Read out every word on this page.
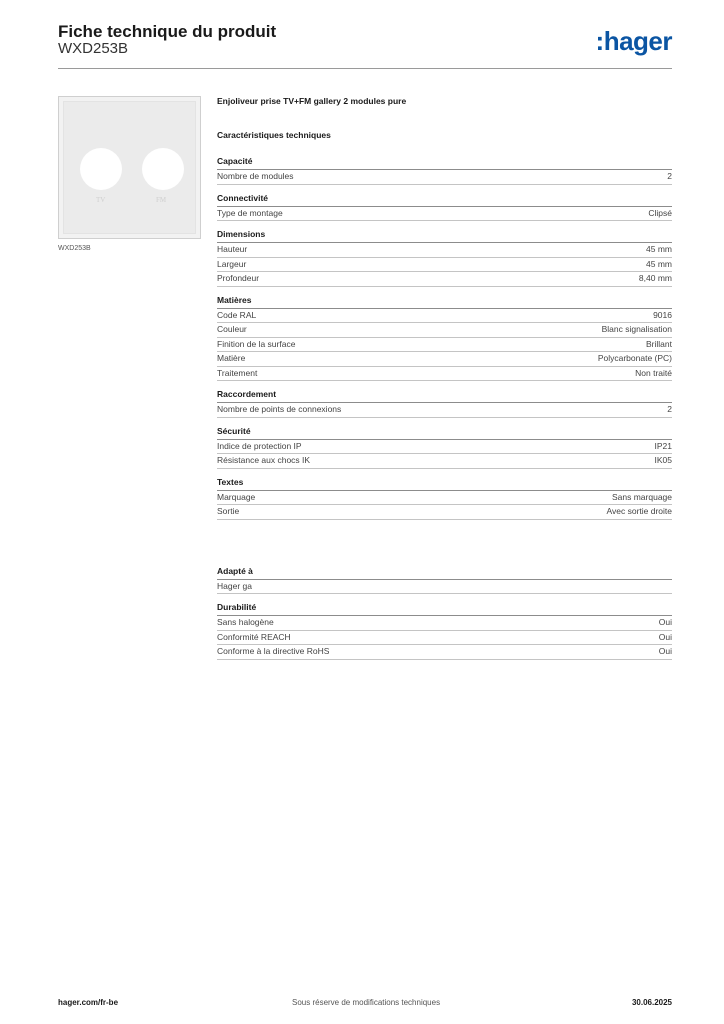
Fiche technique du produit
WXD253B	:hager
TV	FM
WXD253B
Enjoliveur prise TV+FM gallery 2 modules pure
Caractéristiques techniques
Capacité
Nombre de modules	2
Connectivité
Type de montage	Clipsé
Dimensions
Hauteur	45 mm
Largeur	45 mm
Profondeur	8,40 mm
Matières
Code RAL	9016
Couleur	Blanc signalisation
Finition de la surface	Brillant
Matière	Polycarbonate (PC)
Traitement	Non traité
Raccordement
Nombre de points de connexions	2
Sécurité
Indice de protection IP	IP21
Résistance aux chocs IK	IK05
Textes
Marquage	Sans marquage
Sortie	Avec sortie droite
Adapté à
Hager ga
Durabilité
Sans halogène	Oui
Conformité REACH	Oui
Conforme à la directive RoHS	Oui
hager.com/fr-be	Sous réserve de modifications techniques	30.06.2025
